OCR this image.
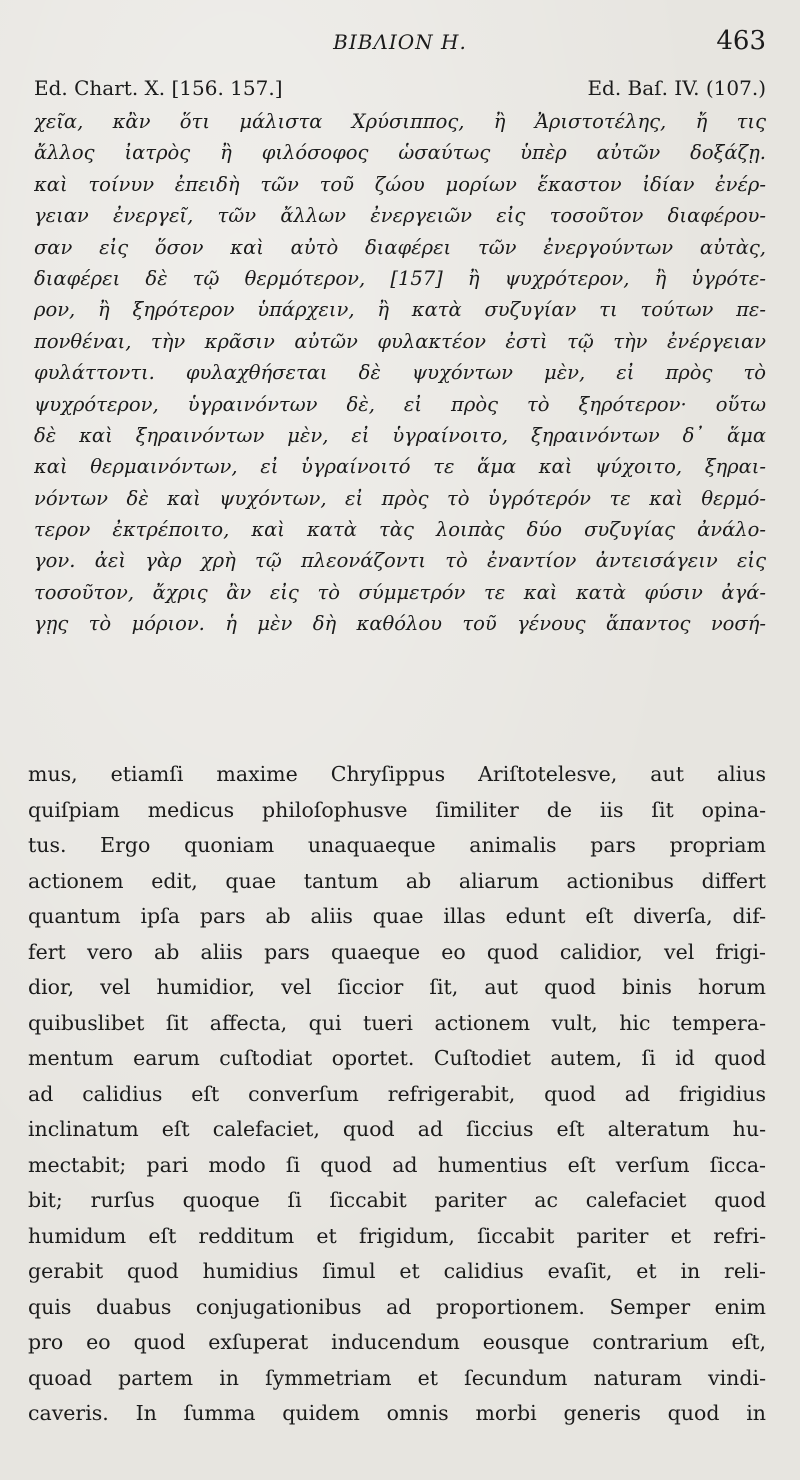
ΒΙΒΛΙΟΝ Η.	463
Ed. Chart. X. [156. 157.]	Ed. Baſ. IV. (107.)
χεῖα, κἂν ὅτι μάλιστα Χρύσιππος, ἢ Ἀριστοτέλης, ἤ τις
ἄλλος ἰατρὸς ἢ φιλόσοφος ὡσαύτως ὑπὲρ αὐτῶν δοξάζῃ.
καὶ τοίνυν ἐπειδὴ τῶν τοῦ ζώου μορίων ἕκαστον ἰδίαν ἐνέρ-
γειαν ἐνεργεῖ, τῶν ἄλλων ἐνεργειῶν εἰς τοσοῦτον διαφέρου-
σαν εἰς ὅσον καὶ αὐτὸ διαφέρει τῶν ἐνεργούντων αὐτὰς,
διαφέρει δὲ τῷ θερμότερον, [157] ἢ ψυχρότερον, ἢ ὑγρότε-
ρον, ἢ ξηρότερον ὑπάρχειν, ἢ κατὰ συζυγίαν τι τούτων πε-
πονθέναι, τὴν κρᾶσιν αὐτῶν φυλακτέον ἐστὶ τῷ τὴν ἐνέργειαν
φυλάττοντι. φυλαχθήσεται δὲ ψυχόντων μὲν, εἰ πρὸς τὸ
ψυχρότερον, ὑγραινόντων δὲ, εἰ πρὸς τὸ ξηρότερον· οὕτω
δὲ καὶ ξηραινόντων μὲν, εἰ ὑγραίνοιτο, ξηραινόντων δ᾽ ἅμα
καὶ θερμαινόντων, εἰ ὑγραίνοιτό τε ἅμα καὶ ψύχοιτο, ξηραι-
νόντων δὲ καὶ ψυχόντων, εἰ πρὸς τὸ ὑγρότερόν τε καὶ θερμό-
τερον ἐκτρέποιτο, καὶ κατὰ τὰς λοιπὰς δύο συζυγίας ἀνάλο-
γον. ἀεὶ γὰρ χρὴ τῷ πλεονάζοντι τὸ ἐναντίον ἀντεισάγειν εἰς
τοσοῦτον, ἄχρις ἂν εἰς τὸ σύμμετρόν τε καὶ κατὰ φύσιν ἀγά-
γῃς τὸ μόριον. ἡ μὲν δὴ καθόλου τοῦ γένους ἅπαντος νοσή-
mus, etiamſi maxime Chryſippus Ariſtotelesve, aut alius
quiſpiam medicus philoſophusve ſimiliter de iis ſit opina-
tus. Ergo quoniam unaquaeque animalis pars propriam
actionem edit, quae tantum ab aliarum actionibus differt
quantum ipſa pars ab aliis quae illas edunt eſt diverſa, dif-
fert vero ab aliis pars quaeque eo quod calidior, vel frigi-
dior, vel humidior, vel ſiccior ſit, aut quod binis horum
quibuslibet ſit affecta, qui tueri actionem vult, hic tempera-
mentum earum cuſtodiat oportet. Cuſtodiet autem, ſi id quod
ad calidius eſt converſum refrigerabit, quod ad frigidius
inclinatum eſt calefaciet, quod ad ſiccius eſt alteratum hu-
mectabit; pari modo ſi quod ad humentius eſt verſum ſicca-
bit; rurſus quoque ſi ſiccabit pariter ac calefaciet quod
humidum eſt redditum et frigidum, ſiccabit pariter et refri-
gerabit quod humidius ſimul et calidius evaſit, et in reli-
quis duabus conjugationibus ad proportionem. Semper enim
pro eo quod exſuperat inducendum eousque contrarium eſt,
quoad partem in ſymmetriam et ſecundum naturam vindi-
caveris. In ſumma quidem omnis morbi generis quod in
